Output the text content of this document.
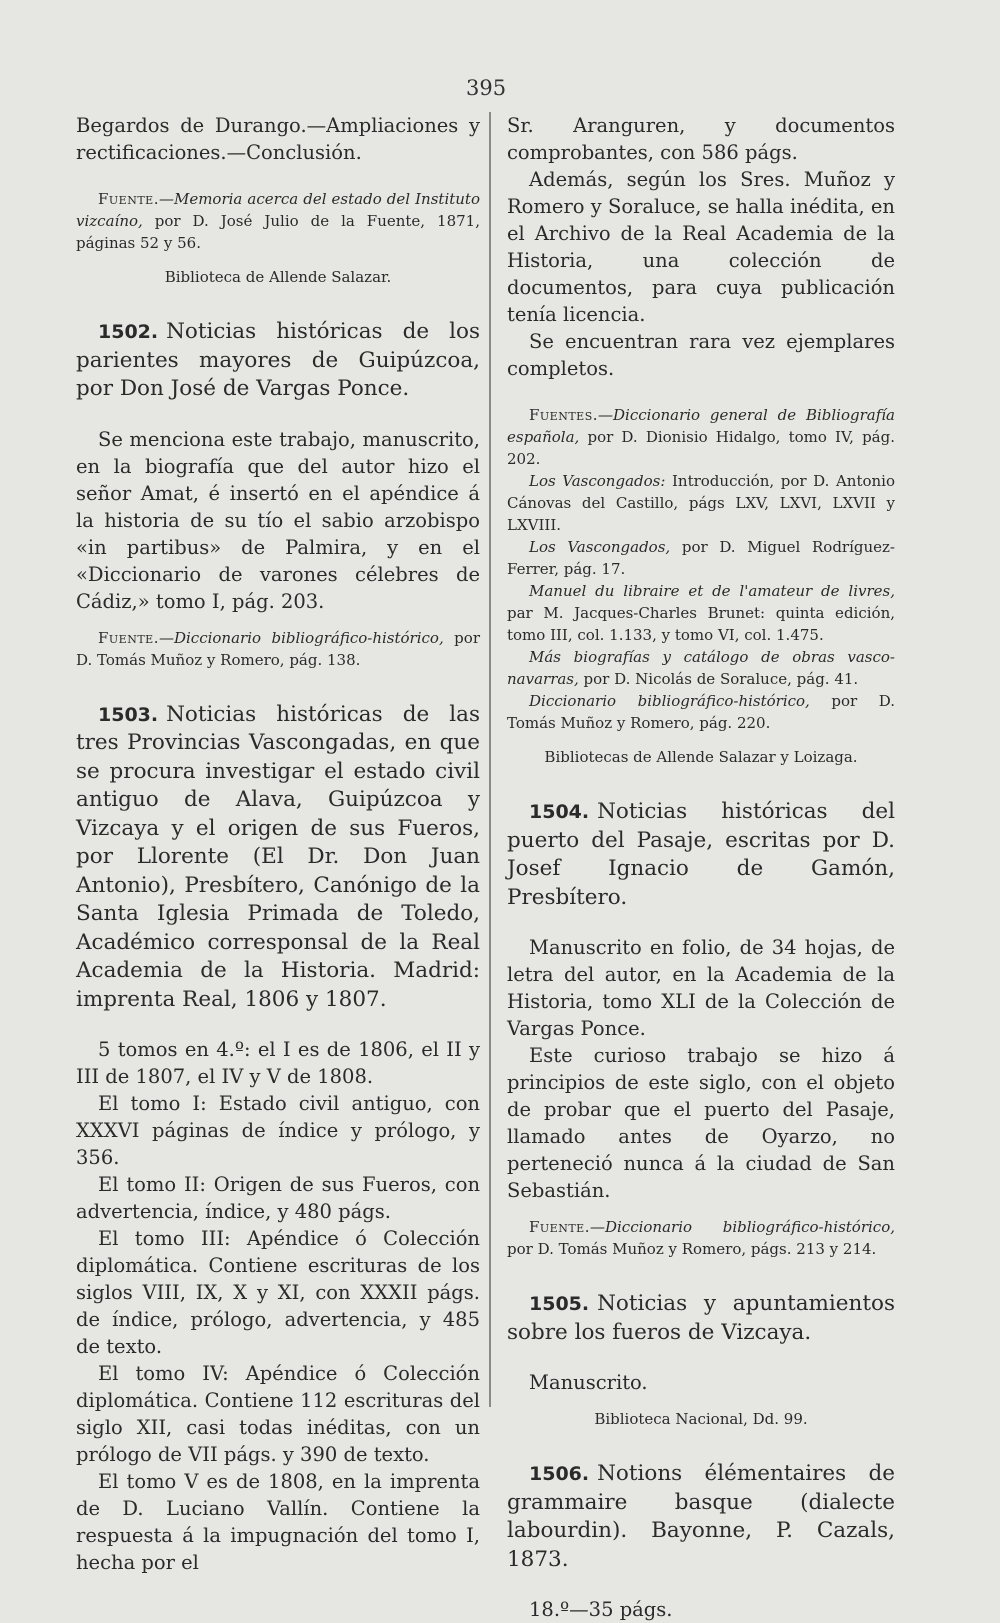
395

Begardos de Durango.—Ampliaciones y rectificaciones.—Conclusión.

Fuente.—Memoria acerca del estado del Instituto vizcaíno, por D. José Julio de la Fuente, 1871, páginas 52 y 56.

Biblioteca de Allende Salazar.

1502. Noticias históricas de los parientes mayores de Guipúzcoa, por Don José de Vargas Ponce.

Se menciona este trabajo, manuscrito, en la biografía que del autor hizo el señor Amat, é insertó en el apéndice á la historia de su tío el sabio arzobispo «in partibus» de Palmira, y en el «Diccionario de varones célebres de Cádiz,» tomo I, pág. 203.

Fuente.—Diccionario bibliográfico-histórico, por D. Tomás Muñoz y Romero, pág. 138.

1503. Noticias históricas de las tres Provincias Vascongadas, en que se procura investigar el estado civil antiguo de Alava, Guipúzcoa y Vizcaya y el origen de sus Fueros, por Llorente (El Dr. Don Juan Antonio), Presbítero, Canónigo de la Santa Iglesia Primada de Toledo, Académico corresponsal de la Real Academia de la Historia. Madrid: imprenta Real, 1806 y 1807.

5 tomos en 4.º: el I es de 1806, el II y III de 1807, el IV y V de 1808.

El tomo I: Estado civil antiguo, con XXXVI páginas de índice y prólogo, y 356.

El tomo II: Origen de sus Fueros, con advertencia, índice, y 480 págs.

El tomo III: Apéndice ó Colección diplomática. Contiene escrituras de los siglos VIII, IX, X y XI, con XXXII págs. de índice, prólogo, advertencia, y 485 de texto.

El tomo IV: Apéndice ó Colección diplomática. Contiene 112 escrituras del siglo XII, casi todas inéditas, con un prólogo de VII págs. y 390 de texto.

El tomo V es de 1808, en la imprenta de D. Luciano Vallín. Contiene la respuesta á la impugnación del tomo I, hecha por el

Sr. Aranguren, y documentos comprobantes, con 586 págs.

Además, según los Sres. Muñoz y Romero y Soraluce, se halla inédita, en el Archivo de la Real Academia de la Historia, una colección de documentos, para cuya publicación tenía licencia.

Se encuentran rara vez ejemplares completos.

Fuentes.—Diccionario general de Bibliografía española, por D. Dionisio Hidalgo, tomo IV, pág. 202.

Los Vascongados: Introducción, por D. Antonio Cánovas del Castillo, págs LXV, LXVI, LXVII y LXVIII.

Los Vascongados, por D. Miguel Rodríguez-Ferrer, pág. 17.

Manuel du libraire et de l'amateur de livres, par M. Jacques-Charles Brunet: quinta edición, tomo III, col. 1.133, y tomo VI, col. 1.475.

Más biografías y catálogo de obras vasco-navarras, por D. Nicolás de Soraluce, pág. 41.

Diccionario bibliográfico-histórico, por D. Tomás Muñoz y Romero, pág. 220.

Bibliotecas de Allende Salazar y Loizaga.

1504. Noticias históricas del puerto del Pasaje, escritas por D. Josef Ignacio de Gamón, Presbítero.

Manuscrito en folio, de 34 hojas, de letra del autor, en la Academia de la Historia, tomo XLI de la Colección de Vargas Ponce.

Este curioso trabajo se hizo á principios de este siglo, con el objeto de probar que el puerto del Pasaje, llamado antes de Oyarzo, no perteneció nunca á la ciudad de San Sebastián.

Fuente.—Diccionario bibliográfico-histórico, por D. Tomás Muñoz y Romero, págs. 213 y 214.

1505. Noticias y apuntamientos sobre los fueros de Vizcaya.

Manuscrito.

Biblioteca Nacional, Dd. 99.

1506. Notions élémentaires de grammaire basque (dialecte labourdin). Bayonne, P. Cazals, 1873.

18.º—35 págs.
